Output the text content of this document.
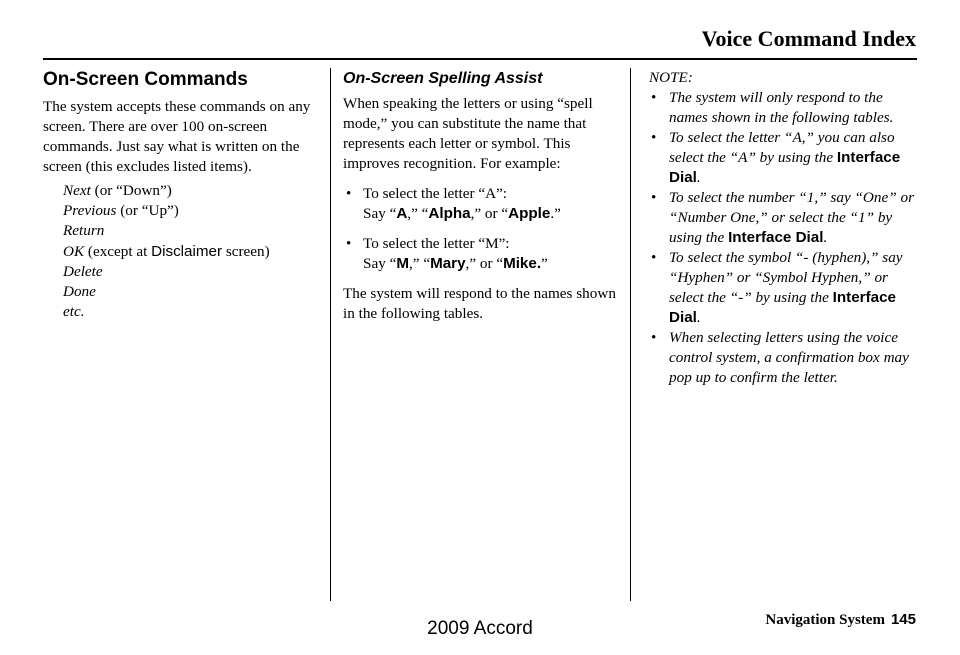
Voice Command Index
On-Screen Commands

The system accepts these commands on any screen. There are over 100 on-screen commands. Just say what is written on the screen (this excludes listed items).

Next (or “Down”)
Previous (or “Up”)
Return
OK (except at Disclaimer screen)
Delete
Done
etc.
On-Screen Spelling Assist

When speaking the letters or using “spell mode,” you can substitute the name that represents each letter or symbol. This improves recognition. For example:

• To select the letter “A”:
Say “A,” “Alpha,” or “Apple.”
• To select the letter “M”:
Say “M,” “Mary,” or “Mike.”

The system will respond to the names shown in the following tables.

NOTE:

• The system will only respond to the names shown in the following tables.
• To select the letter “A,” you can also select the “A” by using the Interface Dial.
• To select the number “1,” say “One” or “Number One,” or select the “1” by using the Interface Dial.
• To select the symbol “- (hyphen),” say “Hyphen” or “Symbol Hyphen,” or select the “-” by using the Interface Dial.
• When selecting letters using the voice control system, a confirmation box may pop up to confirm the letter.
Navigation System 145
2009 Accord
